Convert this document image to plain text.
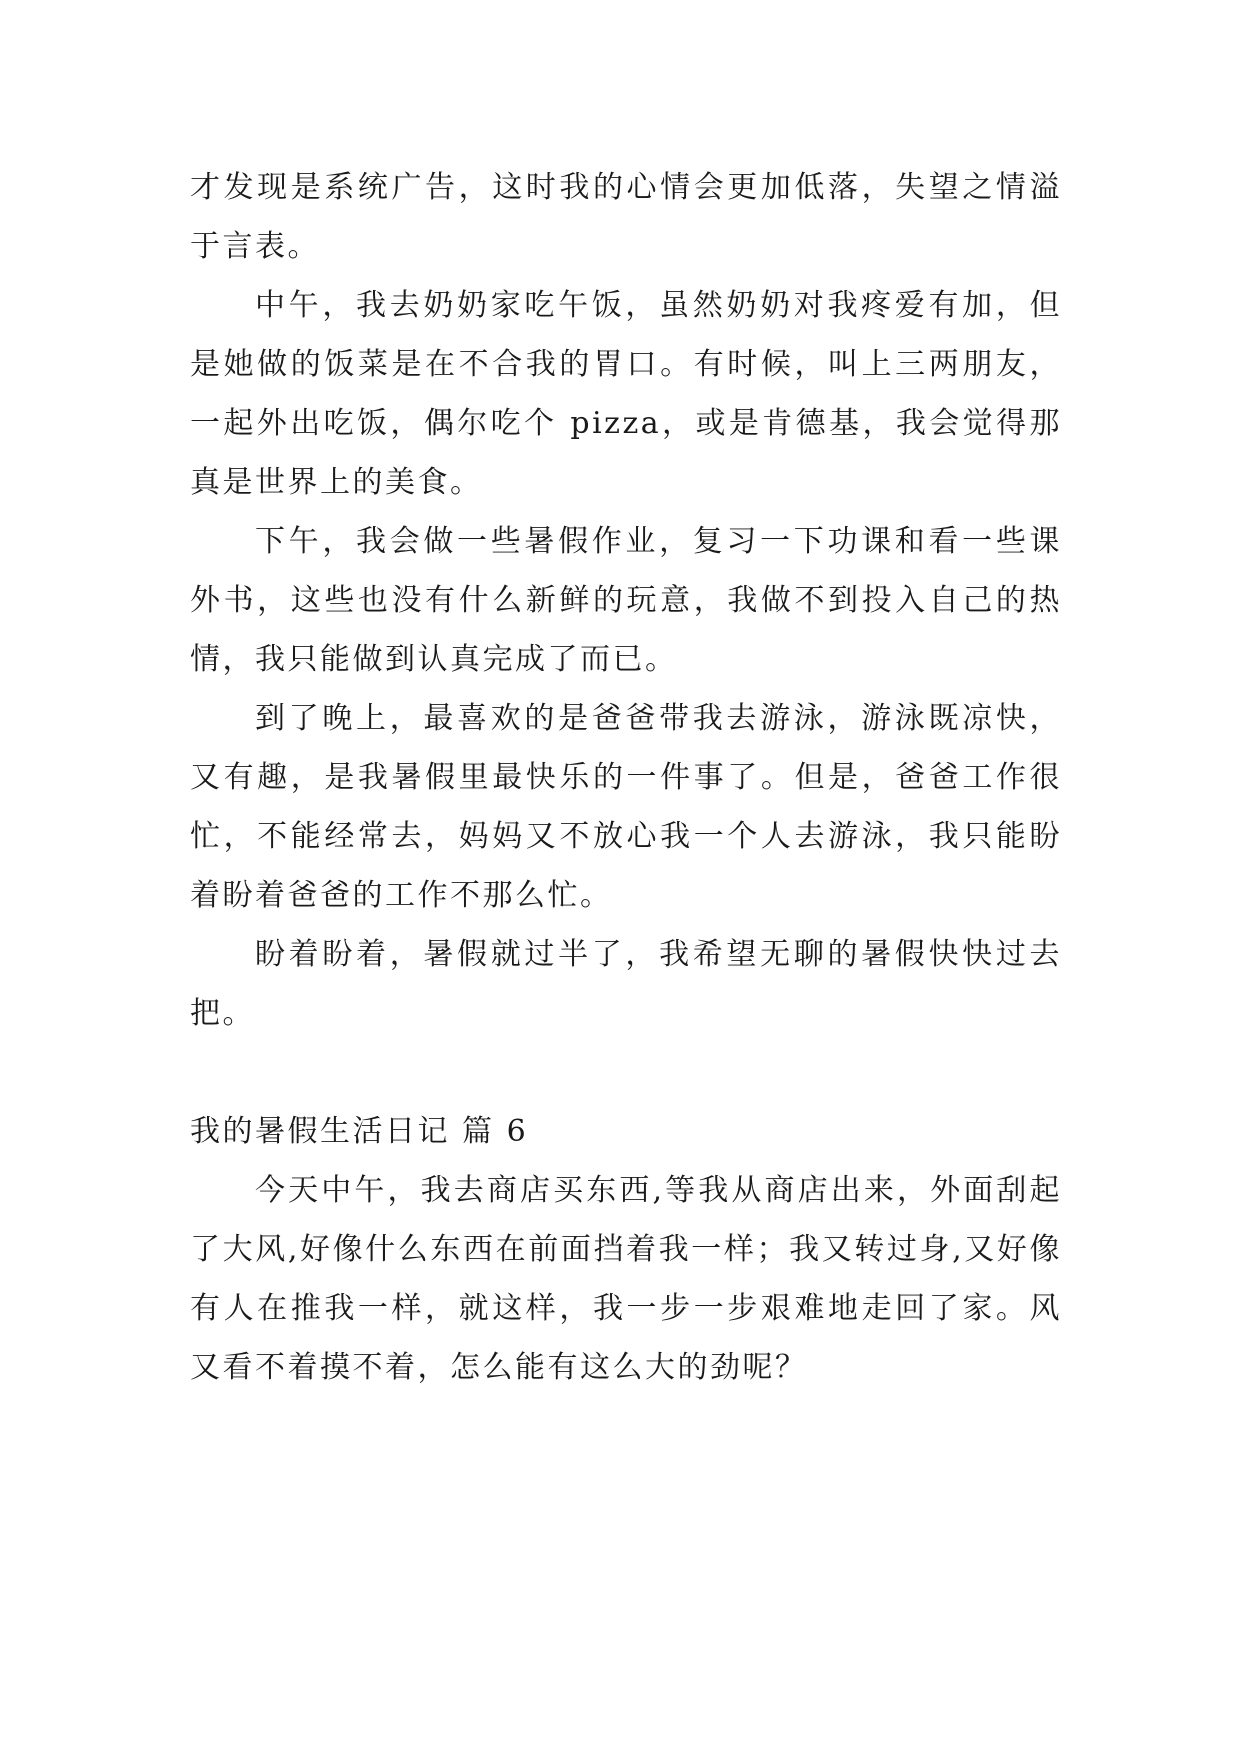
才发现是系统广告，这时我的心情会更加低落，失望之情溢于言表。

中午，我去奶奶家吃午饭，虽然奶奶对我疼爱有加，但是她做的饭菜是在不合我的胃口。有时候，叫上三两朋友，一起外出吃饭，偶尔吃个 pizza，或是肯德基，我会觉得那真是世界上的美食。

下午，我会做一些暑假作业，复习一下功课和看一些课外书，这些也没有什么新鲜的玩意，我做不到投入自己的热情，我只能做到认真完成了而已。

到了晚上，最喜欢的是爸爸带我去游泳，游泳既凉快，又有趣，是我暑假里最快乐的一件事了。但是，爸爸工作很忙，不能经常去，妈妈又不放心我一个人去游泳，我只能盼着盼着爸爸的工作不那么忙。

盼着盼着，暑假就过半了，我希望无聊的暑假快快过去把。

我的暑假生活日记 篇 6

今天中午，我去商店买东西,等我从商店出来，外面刮起了大风,好像什么东西在前面挡着我一样；我又转过身,又好像有人在推我一样，就这样，我一步一步艰难地走回了家。风又看不着摸不着，怎么能有这么大的劲呢？
